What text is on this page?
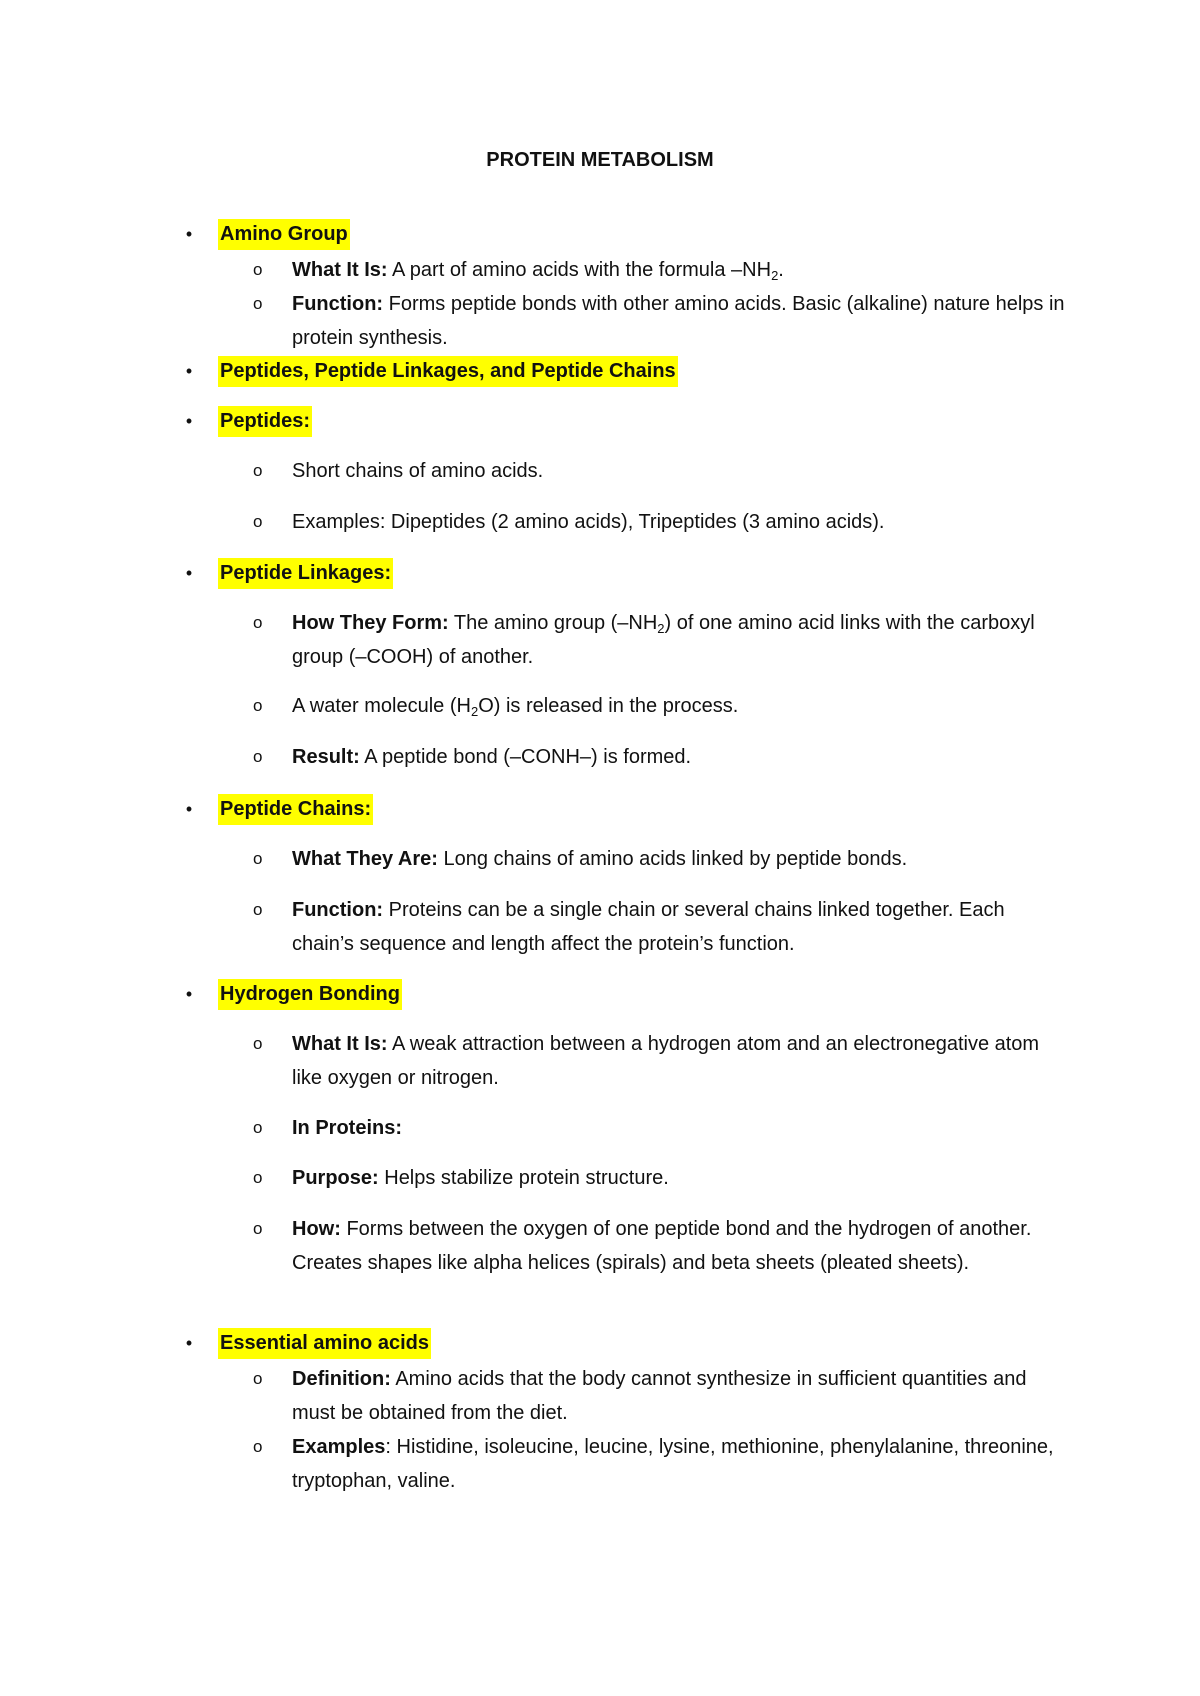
PROTEIN METABOLISM
• Amino Group
o What It Is: A part of amino acids with the formula $-NH_2$.
o Function: Forms peptide bonds with other amino acids. Basic (alkaline) nature helps in protein synthesis.
• Peptides, Peptide Linkages, and Peptide Chains
• Peptides:
o Short chains of amino acids.
o Examples: Dipeptides (2 amino acids), Tripeptides (3 amino acids).
• Peptide Linkages:
o How They Form: The amino group $(-NH_2)$ of one amino acid links with the carboxyl group (–COOH) of another.
o A water molecule $(H_2O)$ is released in the process.
o Result: A peptide bond (–CONH–) is formed.
• Peptide Chains:
o What They Are: Long chains of amino acids linked by peptide bonds.
o Function: Proteins can be a single chain or several chains linked together. Each chain’s sequence and length affect the protein’s function.
• Hydrogen Bonding
o What It Is: A weak attraction between a hydrogen atom and an electronegative atom like oxygen or nitrogen.
o In Proteins:
o Purpose: Helps stabilize protein structure.
o How: Forms between the oxygen of one peptide bond and the hydrogen of another. Creates shapes like alpha helices (spirals) and beta sheets (pleated sheets).
• Essential amino acids
o Definition: Amino acids that the body cannot synthesize in sufficient quantities and must be obtained from the diet.
o Examples: Histidine, isoleucine, leucine, lysine, methionine, phenylalanine, threonine, tryptophan, valine.
